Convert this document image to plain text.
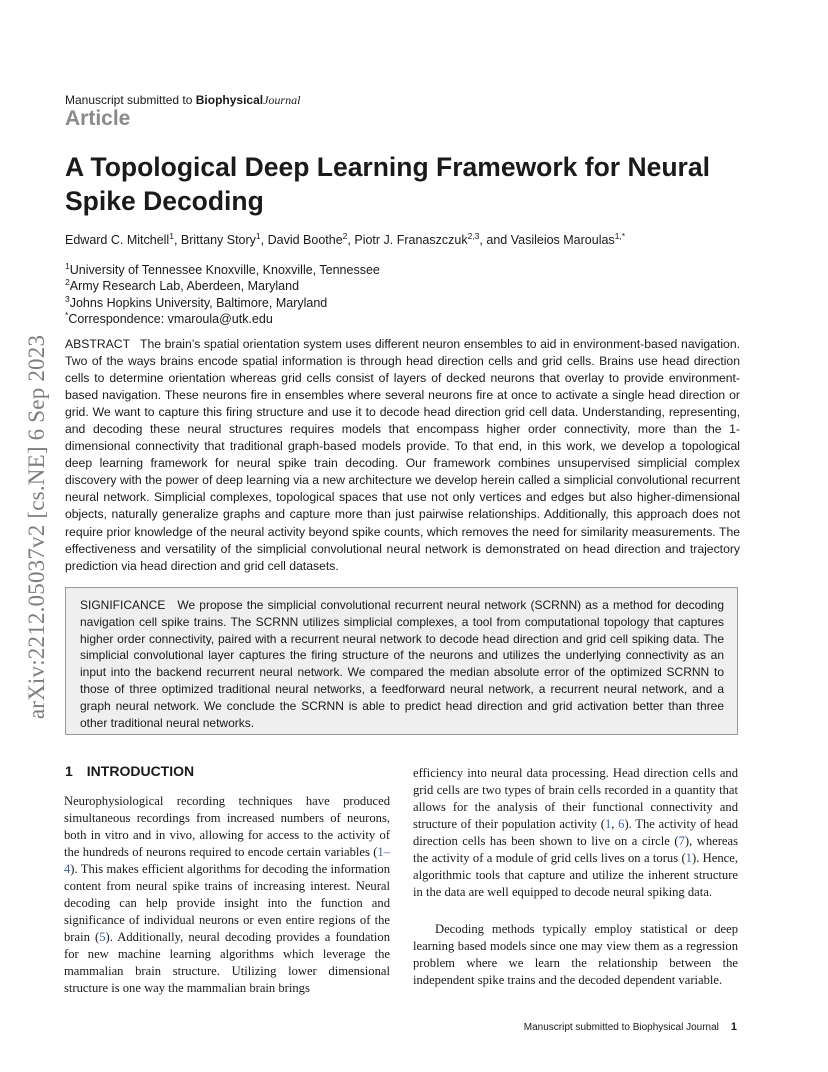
arXiv:2212.05037v2 [cs.NE] 6 Sep 2023
Manuscript submitted to BiophysicalJournal
Article
A Topological Deep Learning Framework for Neural Spike Decoding
Edward C. Mitchell$^1$, Brittany Story$^1$, David Boothe$^2$, Piotr J. Franaszczuk$^{2,3}$, and Vasileios Maroulas$^{1,*}$
$^1$University of Tennessee Knoxville, Knoxville, Tennessee
$^2$Army Research Lab, Aberdeen, Maryland
$^3$Johns Hopkins University, Baltimore, Maryland
*Correspondence: vmaroula@utk.edu
ABSTRACT The brain’s spatial orientation system uses different neuron ensembles to aid in environment-based navigation. Two of the ways brains encode spatial information is through head direction cells and grid cells. Brains use head direction cells to determine orientation whereas grid cells consist of layers of decked neurons that overlay to provide environment-based navigation. These neurons fire in ensembles where several neurons fire at once to activate a single head direction or grid. We want to capture this firing structure and use it to decode head direction grid cell data. Understanding, representing, and decoding these neural structures requires models that encompass higher order connectivity, more than the 1-dimensional connectivity that traditional graph-based models provide. To that end, in this work, we develop a topological deep learning framework for neural spike train decoding. Our framework combines unsupervised simplicial complex discovery with the power of deep learning via a new architecture we develop herein called a simplicial convolutional recurrent neural network. Simplicial complexes, topological spaces that use not only vertices and edges but also higher-dimensional objects, naturally generalize graphs and capture more than just pairwise relationships. Additionally, this approach does not require prior knowledge of the neural activity beyond spike counts, which removes the need for similarity measurements. The effectiveness and versatility of the simplicial convolutional neural network is demonstrated on head direction and trajectory prediction via head direction and grid cell datasets.
SIGNIFICANCE We propose the simplicial convolutional recurrent neural network (SCRNN) as a method for decoding navigation cell spike trains. The SCRNN utilizes simplicial complexes, a tool from computational topology that captures higher order connectivity, paired with a recurrent neural network to decode head direction and grid cell spiking data. The simplicial convolutional layer captures the firing structure of the neurons and utilizes the underlying connectivity as an input into the backend recurrent neural network. We compared the median absolute error of the optimized SCRNN to those of three optimized traditional neural networks, a feedforward neural network, a recurrent neural network, and a graph neural network. We conclude the SCRNN is able to predict head direction and grid activation better than three other traditional neural networks.
1 INTRODUCTION

Neurophysiological recording techniques have produced simultaneous recordings from increased numbers of neurons, both in vitro and in vivo, allowing for access to the activity of the hundreds of neurons required to encode certain variables (1–4). This makes efficient algorithms for decoding the information content from neural spike trains of increasing interest. Neural decoding can help provide insight into the function and significance of individual neurons or even entire regions of the brain (5). Additionally, neural decoding provides a foundation for new machine learning algorithms which leverage the mammalian brain structure. Utilizing lower dimensional structure is one way the mammalian brain brings

efficiency into neural data processing. Head direction cells and grid cells are two types of brain cells recorded in a quantity that allows for the analysis of their functional connectivity and structure of their population activity (1, 6). The activity of head direction cells has been shown to live on a circle (7), whereas the activity of a module of grid cells lives on a torus (1). Hence, algorithmic tools that capture and utilize the inherent structure in the data are well equipped to decode neural spiking data.

Decoding methods typically employ statistical or deep learning based models since one may view them as a regression problem where we learn the relationship between the independent spike trains and the decoded dependent variable.

Manuscript submitted to Biophysical Journal 1
